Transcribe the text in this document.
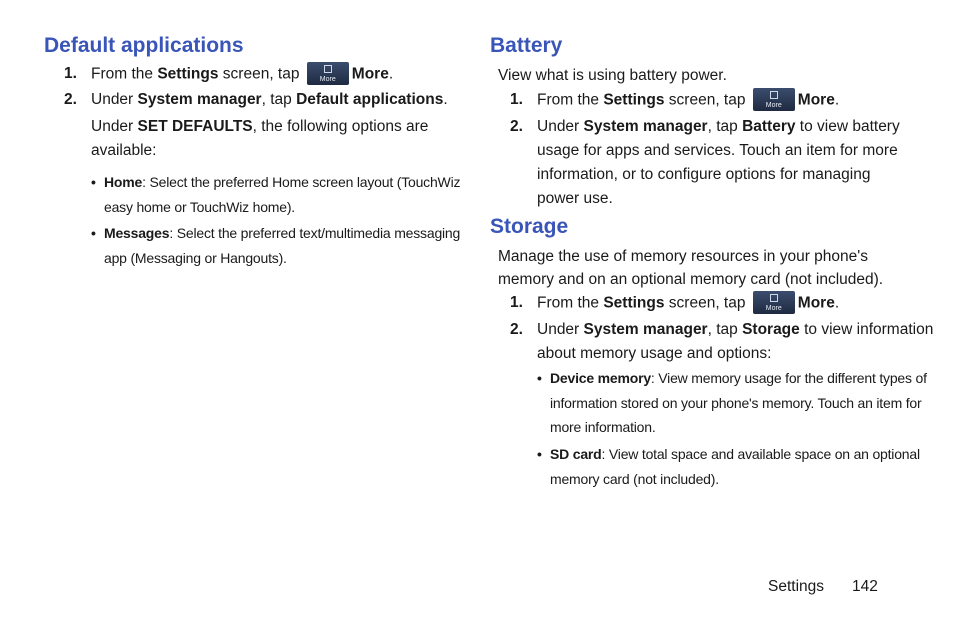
Default applications
1. From the Settings screen, tap	More	More.
2. Under System manager, tap Default applications.
Under SET DEFAULTS, the following options are
available:
• Home: Select the preferred Home screen layout (TouchWiz
easy home or TouchWiz home).
• Messages: Select the preferred text/multimedia messaging
app (Messaging or Hangouts).
Battery
View what is using battery power.
1. From the Settings screen, tap	More	More.
2. Under System manager, tap Battery to view battery
usage for apps and services. Touch an item for more
information, or to configure options for managing
power use.
Storage
Manage the use of memory resources in your phone's
memory and on an optional memory card (not included).
1. From the Settings screen, tap	More	More.
2. Under System manager, tap Storage to view information
about memory usage and options:
• Device memory: View memory usage for the different types of
information stored on your phone's memory. Touch an item for
more information.
• SD card: View total space and available space on an optional
memory card (not included).
Settings 142
